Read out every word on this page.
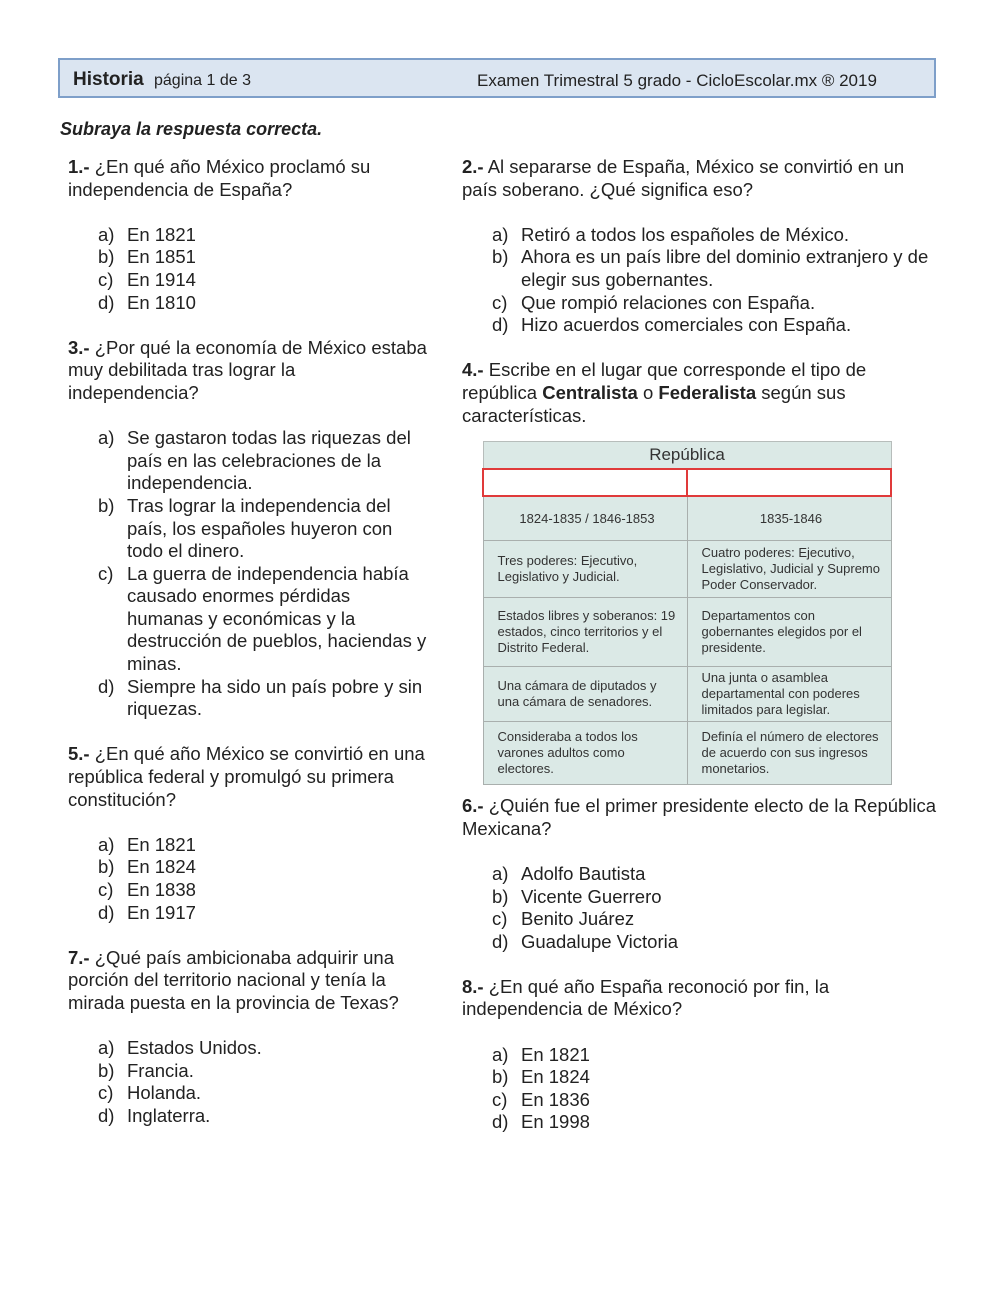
Historia página 1 de 3	Examen Trimestral 5 grado - CicloEscolar.mx ® 2019
Subraya la respuesta correcta.

1.- ¿En qué año México proclamó su independencia de España?

a) En 1821
b) En 1851
c) En 1914
d) En 1810

3.- ¿Por qué la economía de México estaba muy debilitada tras lograr la independencia?

a) Se gastaron todas las riquezas del país en las celebraciones de la independencia.
b) Tras lograr la independencia del país, los españoles huyeron con todo el dinero.
c) La guerra de independencia había causado enormes pérdidas humanas y económicas y la destrucción de pueblos, haciendas y minas.
d) Siempre ha sido un país pobre y sin riquezas.

5.- ¿En qué año México se convirtió en una república federal y promulgó su primera constitución?

a) En 1821
b) En 1824
c) En 1838
d) En 1917

7.- ¿Qué país ambicionaba adquirir una porción del territorio nacional y tenía la mirada puesta en la provincia de Texas?

a) Estados Unidos.
b) Francia.
c) Holanda.
d) Inglaterra.

2.- Al separarse de España, México se convirtió en un país soberano. ¿Qué significa eso?

a) Retiró a todos los españoles de México.
b) Ahora es un país libre del dominio extranjero y de elegir sus gobernantes.
c) Que rompió relaciones con España.
d) Hizo acuerdos comerciales con España.

4.- Escribe en el lugar que corresponde el tipo de república Centralista o Federalista según sus características.

República	

1824-1835 / 1846-1853	1835-1846
Tres poderes: Ejecutivo, Legislativo y Judicial.	Cuatro poderes: Ejecutivo, Legislativo, Judicial y Supremo Poder Conservador.
Estados libres y soberanos: 19 estados, cinco territorios y el Distrito Federal.	Departamentos con gobernantes elegidos por el presidente.
Una cámara de diputados y una cámara de senadores.	Una junta o asamblea departamental con poderes limitados para legislar.
Consideraba a todos los varones adultos como electores.	Definía el número de electores de acuerdo con sus ingresos monetarios.

6.- ¿Quién fue el primer presidente electo de la República Mexicana?

a) Adolfo Bautista
b) Vicente Guerrero
c) Benito Juárez
d) Guadalupe Victoria

8.- ¿En qué año España reconoció por fin, la independencia de México?

a) En 1821
b) En 1824
c) En 1836
d) En 1998
